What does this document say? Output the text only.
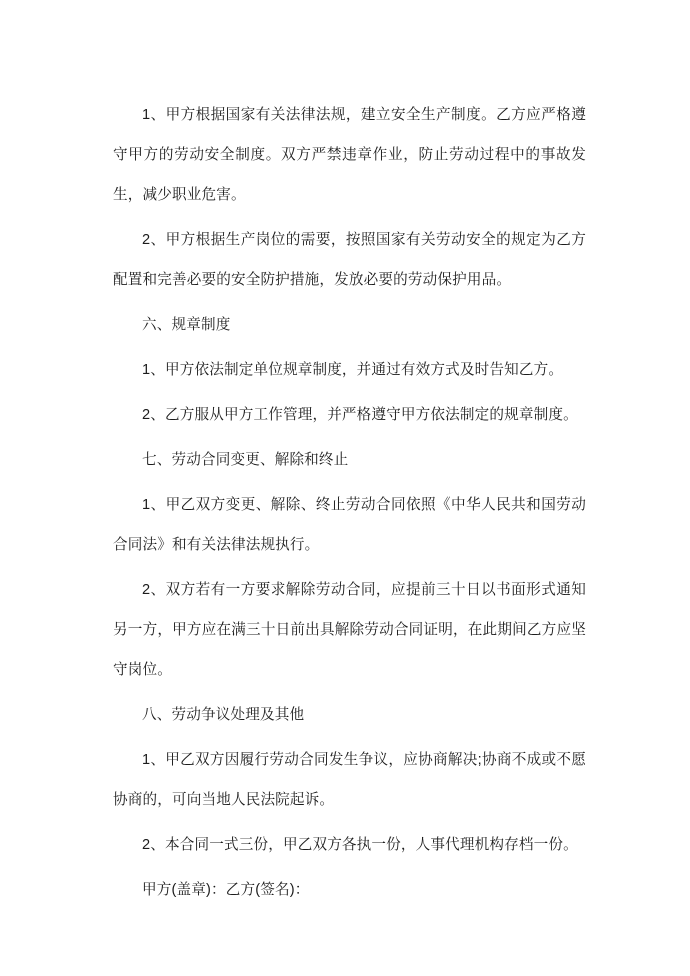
1、甲方根据国家有关法律法规，建立安全生产制度。乙方应严格遵守甲方的劳动安全制度。双方严禁违章作业，防止劳动过程中的事故发生，减少职业危害。

2、甲方根据生产岗位的需要，按照国家有关劳动安全的规定为乙方配置和完善必要的安全防护措施，发放必要的劳动保护用品。

六、规章制度

1、甲方依法制定单位规章制度，并通过有效方式及时告知乙方。

2、乙方服从甲方工作管理，并严格遵守甲方依法制定的规章制度。

七、劳动合同变更、解除和终止

1、甲乙双方变更、解除、终止劳动合同依照《中华人民共和国劳动合同法》和有关法律法规执行。

2、双方若有一方要求解除劳动合同，应提前三十日以书面形式通知另一方，甲方应在满三十日前出具解除劳动合同证明，在此期间乙方应坚守岗位。

八、劳动争议处理及其他

1、甲乙双方因履行劳动合同发生争议，应协商解决;协商不成或不愿协商的，可向当地人民法院起诉。

2、本合同一式三份，甲乙双方各执一份，人事代理机构存档一份。

甲方(盖章)：乙方(签名)：
